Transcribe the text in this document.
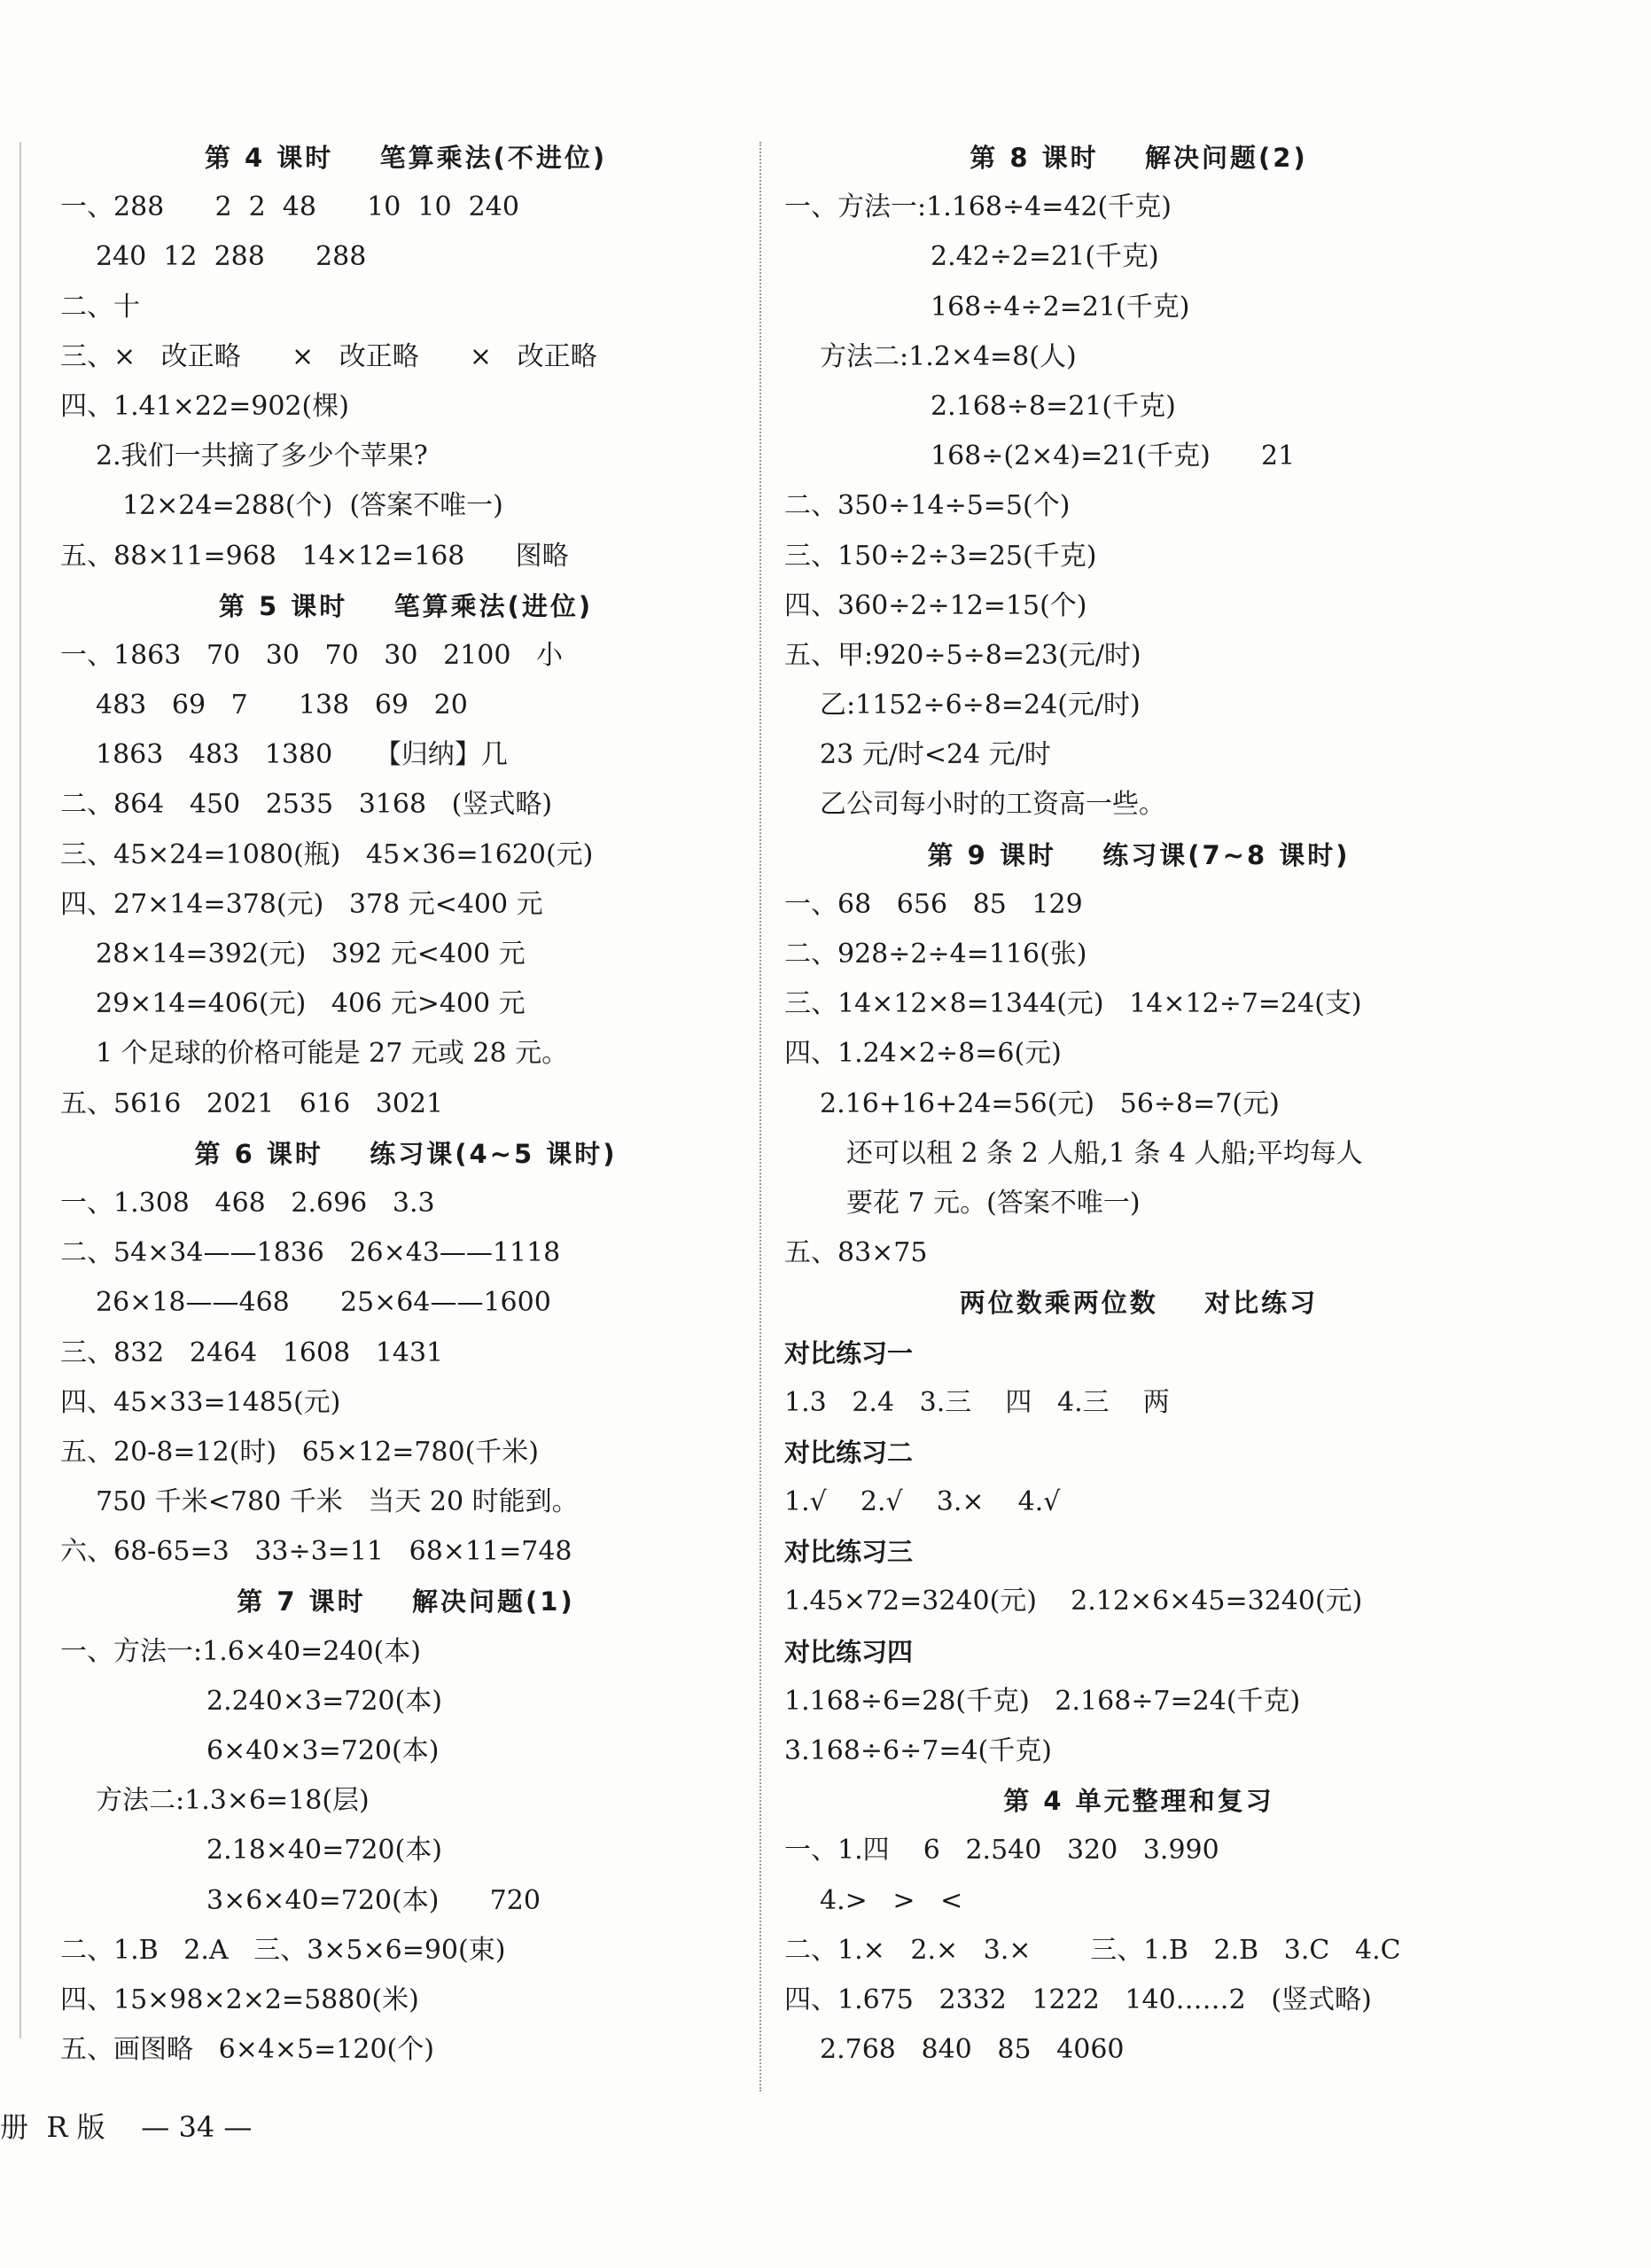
第 4 课时    笔算乘法(不进位)
一、288      2  2  48      10  10  240
240  12  288      288
二、十
三、×   改正略      ×   改正略      ×   改正略
四、1.41×22=902(棵)
2.我们一共摘了多少个苹果?
12×24=288(个)  (答案不唯一)
五、88×11=968   14×12=168      图略
第 5 课时    笔算乘法(进位)
一、1863   70   30   70   30   2100   小
483   69   7      138   69   20
1863   483   1380     【归纳】几
二、864   450   2535   3168   (竖式略)
三、45×24=1080(瓶)   45×36=1620(元)
四、27×14=378(元)   378 元<400 元
28×14=392(元)   392 元<400 元
29×14=406(元)   406 元>400 元
1 个足球的价格可能是 27 元或 28 元。
五、5616   2021   616   3021
第 6 课时    练习课(4~5 课时)
一、1.308   468   2.696   3.3
二、54×34——1836   26×43——1118
26×18——468      25×64——1600
三、832   2464   1608   1431
四、45×33=1485(元)
五、20-8=12(时)   65×12=780(千米)
750 千米<780 千米   当天 20 时能到。
六、68-65=3   33÷3=11   68×11=748
第 7 课时    解决问题(1)
一、方法一:1.6×40=240(本)
2.240×3=720(本)
6×40×3=720(本)
方法二:1.3×6=18(层)
2.18×40=720(本)
3×6×40=720(本)      720
二、1.B   2.A   三、3×5×6=90(束)
四、15×98×2×2=5880(米)
五、画图略   6×4×5=120(个)
第 8 课时    解决问题(2)
一、方法一:1.168÷4=42(千克)
2.42÷2=21(千克)
168÷4÷2=21(千克)
方法二:1.2×4=8(人)
2.168÷8=21(千克)
168÷(2×4)=21(千克)      21
二、350÷14÷5=5(个)
三、150÷2÷3=25(千克)
四、360÷2÷12=15(个)
五、甲:920÷5÷8=23(元/时)
乙:1152÷6÷8=24(元/时)
23 元/时<24 元/时
乙公司每小时的工资高一些。
第 9 课时    练习课(7~8 课时)
一、68   656   85   129
二、928÷2÷4=116(张)
三、14×12×8=1344(元)   14×12÷7=24(支)
四、1.24×2÷8=6(元)
2.16+16+24=56(元)   56÷8=7(元)
还可以租 2 条 2 人船,1 条 4 人船;平均每人
要花 7 元。(答案不唯一)
五、83×75
两位数乘两位数    对比练习
对比练习一
1.3   2.4   3.三    四   4.三    两
对比练习二
1.√    2.√    3.×    4.√
对比练习三
1.45×72=3240(元)    2.12×6×45=3240(元)
对比练习四
1.168÷6=28(千克)   2.168÷7=24(千克)
3.168÷6÷7=4(千克)
第 4 单元整理和复习
一、1.四    6   2.540   320   3.990
4.>   >   <
二、1.×   2.×   3.×       三、1.B   2.B   3.C   4.C
四、1.675   2332   1222   140……2   (竖式略)
2.768   840   85   4060
册  R 版    — 34 —
